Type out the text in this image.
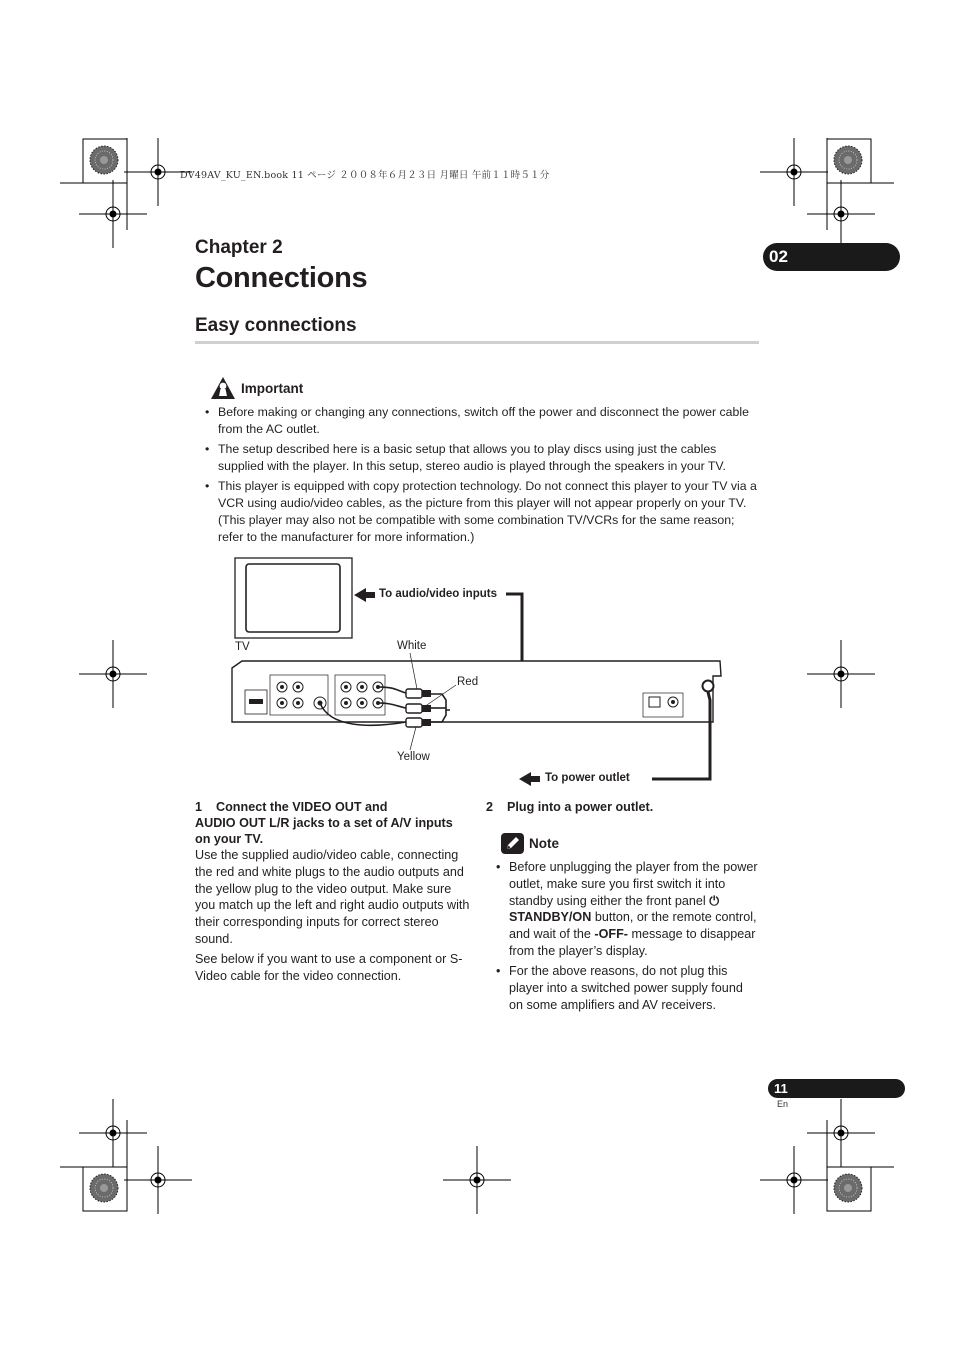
DV49AV_KU_EN.book 11 ページ ２００８年６月２３日 月曜日 午前１１時５１分
Chapter 2
Connections
02
Easy connections
Important
• Before making or changing any connections, switch off the power and disconnect the power cable from the AC outlet.
• The setup described here is a basic setup that allows you to play discs using just the cables supplied with the player. In this setup, stereo audio is played through the speakers in your TV.
• This player is equipped with copy protection technology. Do not connect this player to your TV via a VCR using audio/video cables, as the picture from this player will not appear properly on your TV. (This player may also not be compatible with some combination TV/VCRs for the same reason; refer to the manufacturer for more information.)
To audio/video inputs
TV	White
Red
Yellow
To power outlet
1 Connect the VIDEO OUT and
AUDIO OUT L/R jacks to a set of A/V inputs
on your TV.

Use the supplied audio/video cable, connecting the red and white plugs to the audio outputs and the yellow plug to the video output. Make sure you match up the left and right audio outputs with their corresponding inputs for correct stereo sound.

See below if you want to use a component or S-Video cable for the video connection.

2 Plug into a power outlet.
Note
• Before unplugging the player from the power outlet, make sure you first switch it into standby using either the front panel ⏻ STANDBY/ON button, or the remote control, and wait of the -OFF- message to disappear from the player’s display.
• For the above reasons, do not plug this player into a switched power supply found on some amplifiers and AV receivers.
11
En
